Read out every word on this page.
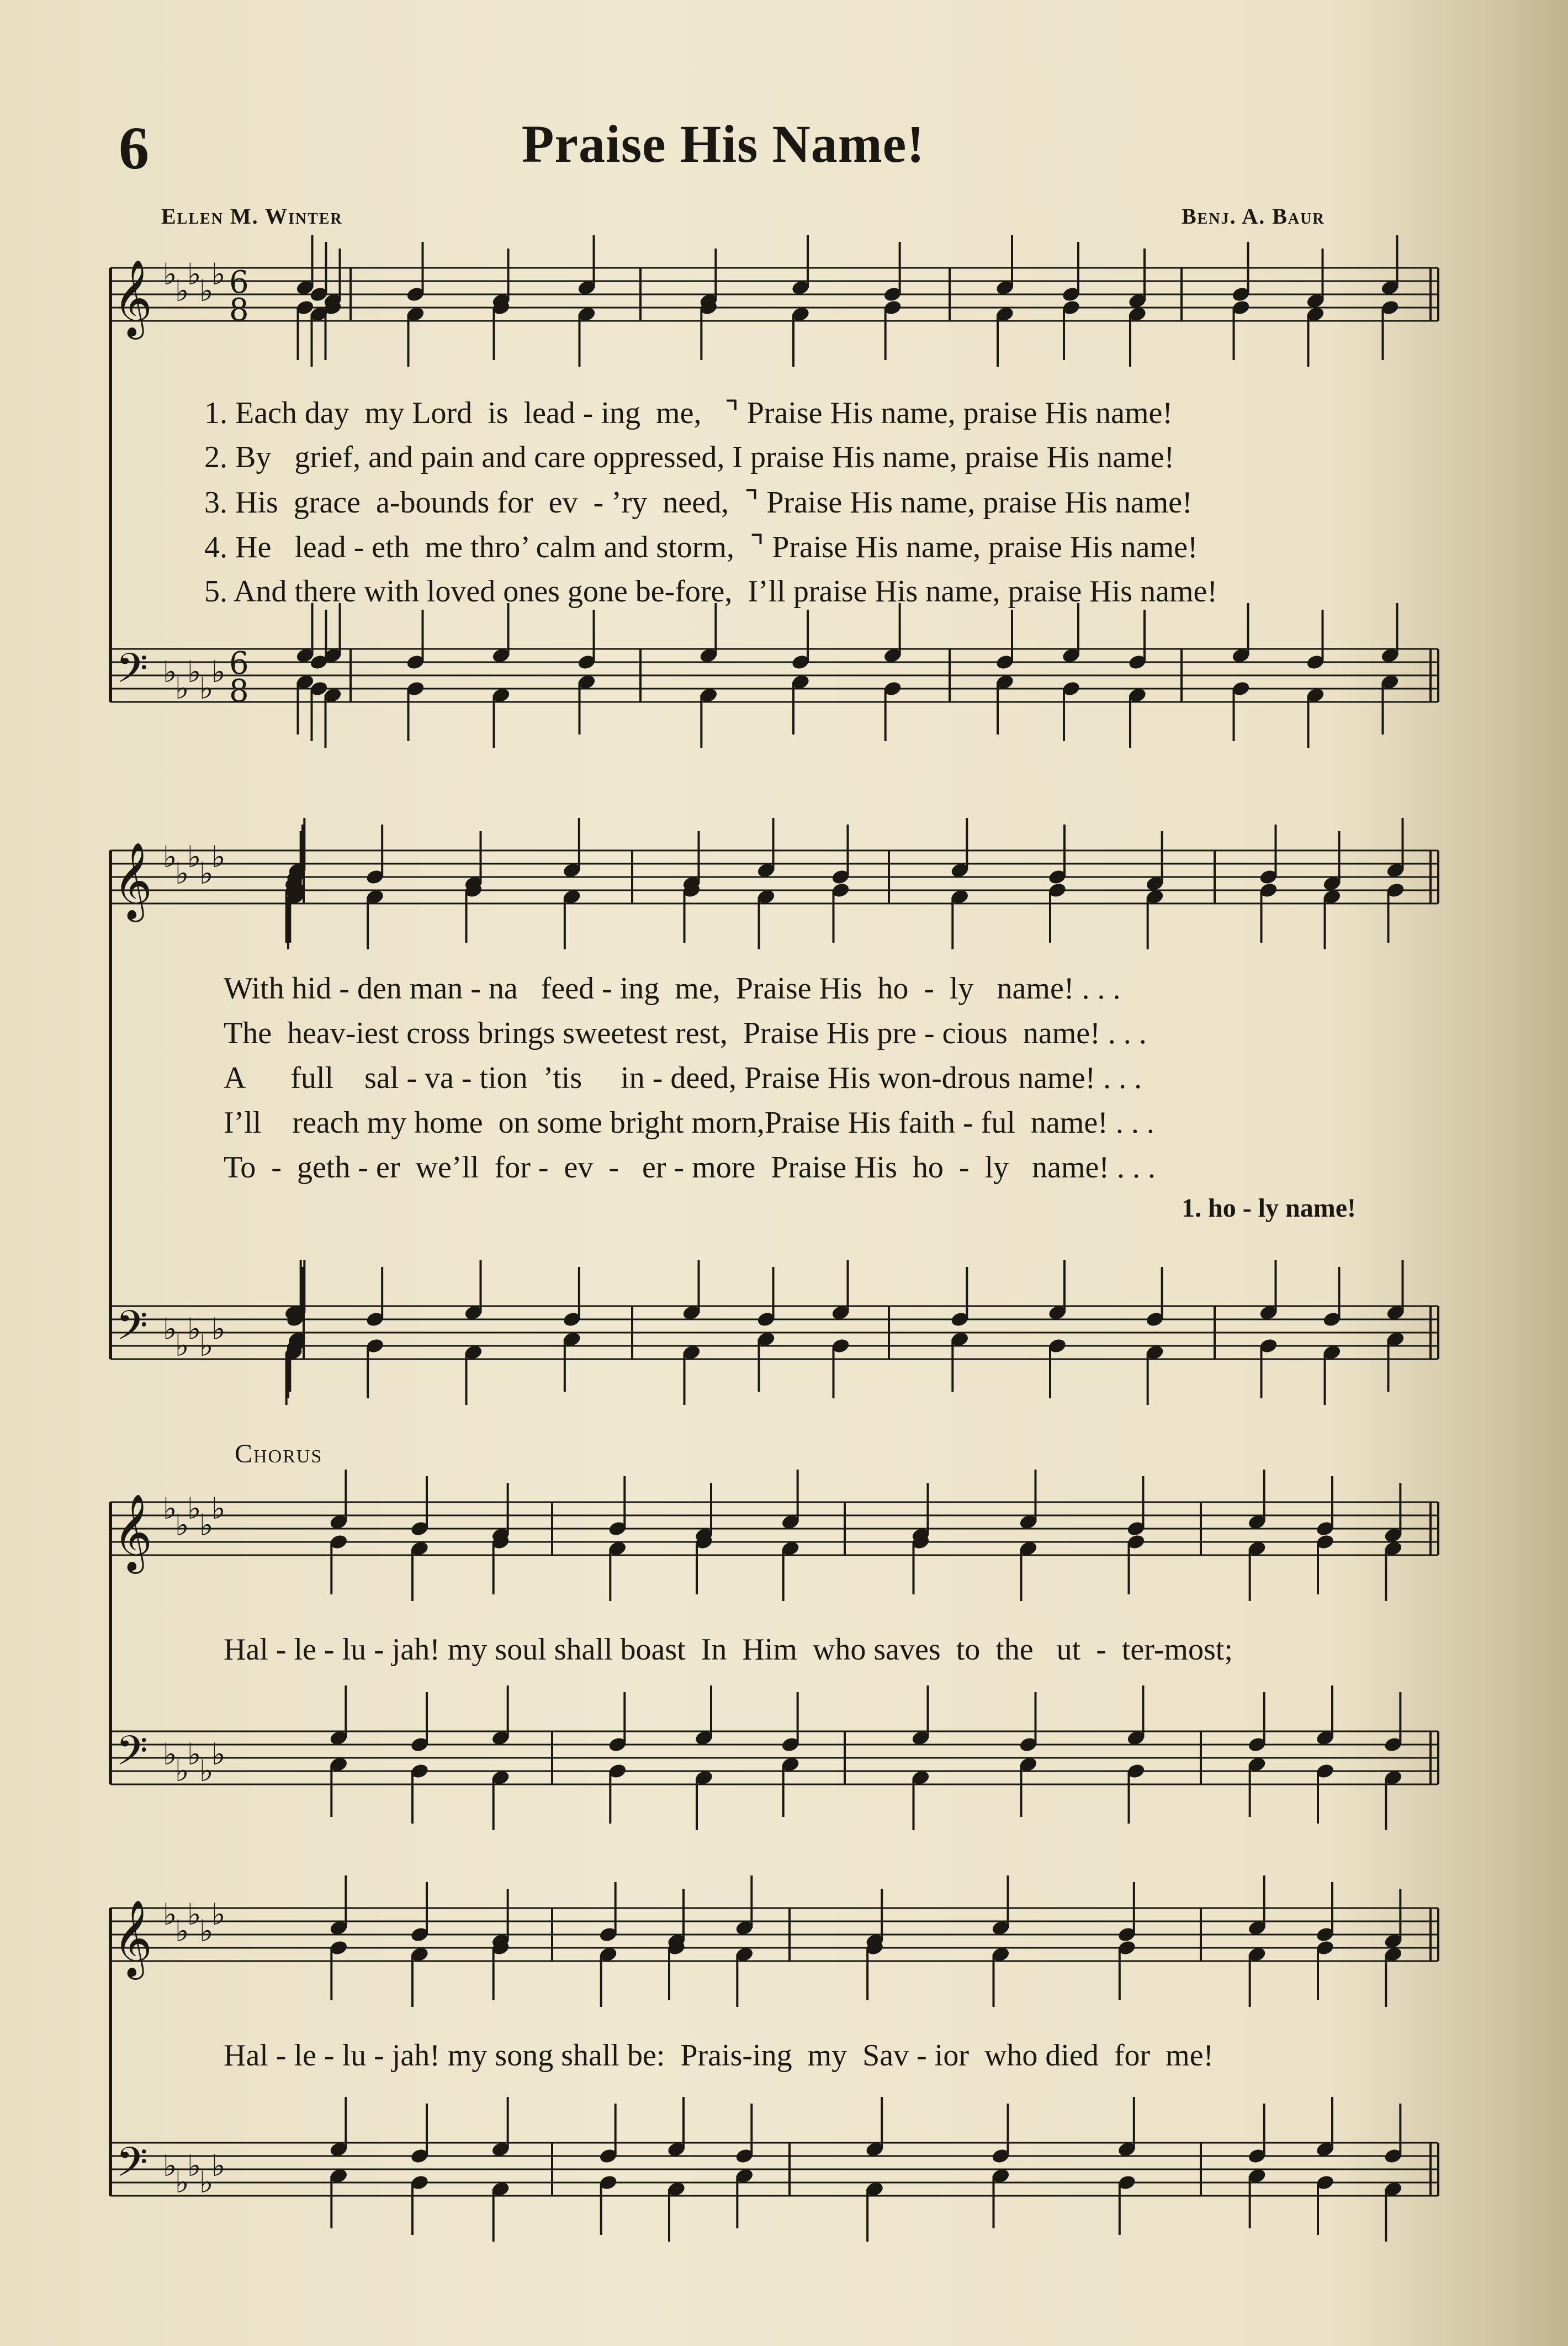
6	Praise His Name!
Ellen M. Winter	Benj. A. Baur
𝄞
𝄢
♭
♭
♭
♭
♭
♭
♭
♭
♭
♭
6
8
6
8
𝄞
𝄢
♭
♭
♭
♭
♭
♭
♭
♭
♭
♭
𝄞
𝄢
♭
♭
♭
♭
♭
♭
♭
♭
♭
♭
𝄞
𝄢
♭
♭
♭
♭
♭
♭
♭
♭
♭
♭
1. Each day  my Lord  is  lead - ing  me,   ⌝ Praise His name, praise His name!
2. By   grief, and pain and care oppressed, I praise His name, praise His name!
3. His  grace  a-bounds for  ev  - ’ry  need,  ⌝ Praise His name, praise His name!
4. He   lead - eth  me thro’ calm and storm,  ⌝ Praise His name, praise His name!
5. And there with loved ones gone be-fore,  I’ll praise His name, praise His name!
With hid - den man - na   feed - ing  me,  Praise His  ho  -  ly   name! . . .
The  heav-iest cross brings sweetest rest,  Praise His pre - cious  name! . . .
A      full    sal - va - tion  ’tis     in - deed, Praise His won-drous name! . . .
I’ll    reach my home  on some bright morn,Praise His faith - ful  name! . . .
To  -  geth - er  we’ll  for -  ev  -   er - more  Praise His  ho  -  ly   name! . . .
1. ho - ly name!
Chorus
Hal - le - lu - jah! my soul shall boast  In  Him  who saves  to  the   ut  -  ter-most;
Hal - le - lu - jah! my song shall be:  Prais-ing  my  Sav - ior  who died  for  me!
